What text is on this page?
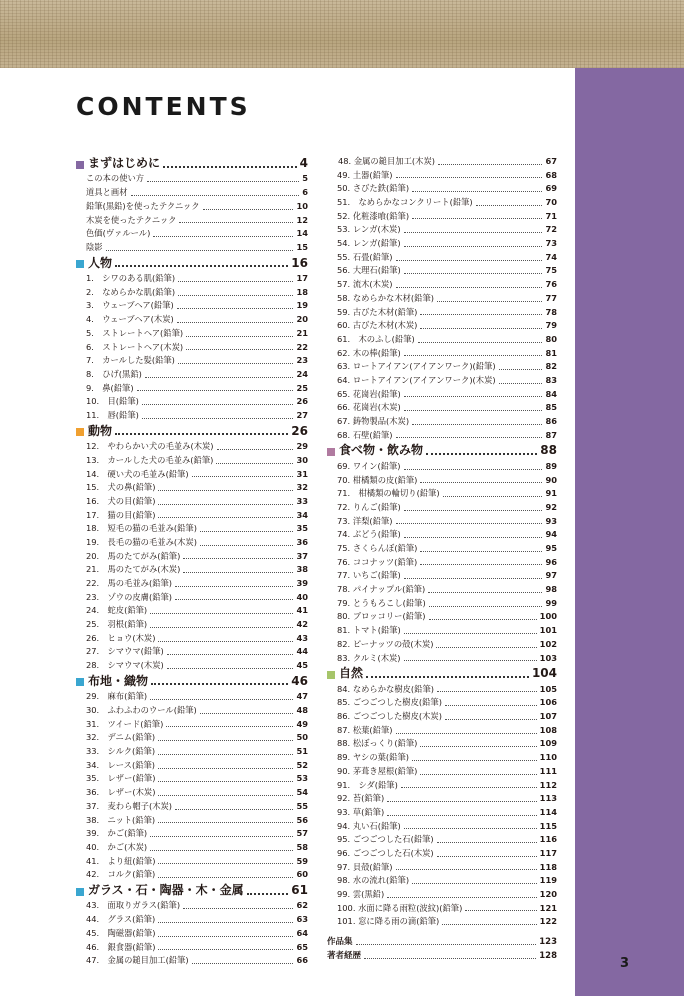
CONTENTS
まずはじめに	4
この本の使い方	5
道具と画材	6
鉛筆(黒鉛)を使ったテクニック	10
木炭を使ったテクニック	12
色価(ヴァルール)	14
陰影	15
人物	16
1.　シワのある肌(鉛筆)	17
2.　なめらかな肌(鉛筆)	18
3.　ウェーブヘア(鉛筆)	19
4.　ウェーブヘア(木炭)	20
5.　ストレートヘア(鉛筆)	21
6.　ストレートヘア(木炭)	22
7.　カールした髪(鉛筆)	23
8.　ひげ(黒鉛)	24
9.　鼻(鉛筆)	25
10.　目(鉛筆)	26
11.　唇(鉛筆)	27
動物	26
12.　やわらかい犬の毛並み(木炭)	29
13.　カールした犬の毛並み(鉛筆)	30
14.　硬い犬の毛並み(鉛筆)	31
15.　犬の鼻(鉛筆)	32
16.　犬の目(鉛筆)	33
17.　猫の目(鉛筆)	34
18.　短毛の猫の毛並み(鉛筆)	35
19.　長毛の猫の毛並み(木炭)	36
20.　馬のたてがみ(鉛筆)	37
21.　馬のたてがみ(木炭)	38
22.　馬の毛並み(鉛筆)	39
23.　ゾウの皮膚(鉛筆)	40
24.　蛇皮(鉛筆)	41
25.　羽根(鉛筆)	42
26.　ヒョウ(木炭)	43
27.　シマウマ(鉛筆)	44
28.　シマウマ(木炭)	45
布地・織物	46
29.　麻布(鉛筆)	47
30.　ふわふわのウール(鉛筆)	48
31.　ツイード(鉛筆)	49
32.　デニム(鉛筆)	50
33.　シルク(鉛筆)	51
34.　レース(鉛筆)	52
35.　レザー(鉛筆)	53
36.　レザー(木炭)	54
37.　麦わら帽子(木炭)	55
38.　ニット(鉛筆)	56
39.　かご(鉛筆)	57
40.　かご(木炭)	58
41.　より紐(鉛筆)	59
42.　コルク(鉛筆)	60
ガラス・石・陶器・木・金属	61
43.　面取りガラス(鉛筆)	62
44.　グラス(鉛筆)	63
45.　陶磁器(鉛筆)	64
46.　銀食器(鉛筆)	65
47.　金属の鎚目加工(鉛筆)	66
48. 金属の鎚目加工(木炭)	67
49. 土器(鉛筆)	68
50. さびた鉄(鉛筆)	69
51.　なめらかなコンクリート(鉛筆)	70
52. 化粧漆喰(鉛筆)	71
53. レンガ(木炭)	72
54. レンガ(鉛筆)	73
55. 石畳(鉛筆)	74
56. 大理石(鉛筆)	75
57. 流木(木炭)	76
58. なめらかな木材(鉛筆)	77
59. 古びた木材(鉛筆)	78
60. 古びた木材(木炭)	79
61.　木のふし(鉛筆)	80
62. 木の棒(鉛筆)	81
63. ロートアイアン(アイアンワーク)(鉛筆)	82
64. ロートアイアン(アイアンワーク)(木炭)	83
65. 花崗岩(鉛筆)	84
66. 花崗岩(木炭)	85
67. 鋳物製品(木炭)	86
68. 石壁(鉛筆)	87
食べ物・飲み物	88
69. ワイン(鉛筆)	89
70. 柑橘類の皮(鉛筆)	90
71.　柑橘類の輪切り(鉛筆)	91
72. りんご(鉛筆)	92
73. 洋梨(鉛筆)	93
74. ぶどう(鉛筆)	94
75. さくらんぼ(鉛筆)	95
76. ココナッツ(鉛筆)	96
77. いちご(鉛筆)	97
78. パイナップル(鉛筆)	98
79. とうもろこし(鉛筆)	99
80. ブロッコリー(鉛筆)	100
81. トマト(鉛筆)	101
82. ピーナッツの殻(木炭)	102
83. クルミ(木炭)	103
自然	104
84. なめらかな樹皮(鉛筆)	105
85. ごつごつした樹皮(鉛筆)	106
86. ごつごつした樹皮(木炭)	107
87. 松葉(鉛筆)	108
88. 松ぼっくり(鉛筆)	109
89. ヤシの葉(鉛筆)	110
90. 茅葺き屋根(鉛筆)	111
91.　シダ(鉛筆)	112
92. 苔(鉛筆)	113
93. 草(鉛筆)	114
94. 丸い石(鉛筆)	115
95. ごつごつした石(鉛筆)	116
96. ごつごつした石(木炭)	117
97. 貝殻(鉛筆)	118
98. 水の流れ(鉛筆)	119
99. 雲(黒鉛)	120
100. 水面に降る雨粒(波紋)(鉛筆)	121
101. 窓に降る雨の滴(鉛筆)	122
作品集	123
著者経歴	128	3
